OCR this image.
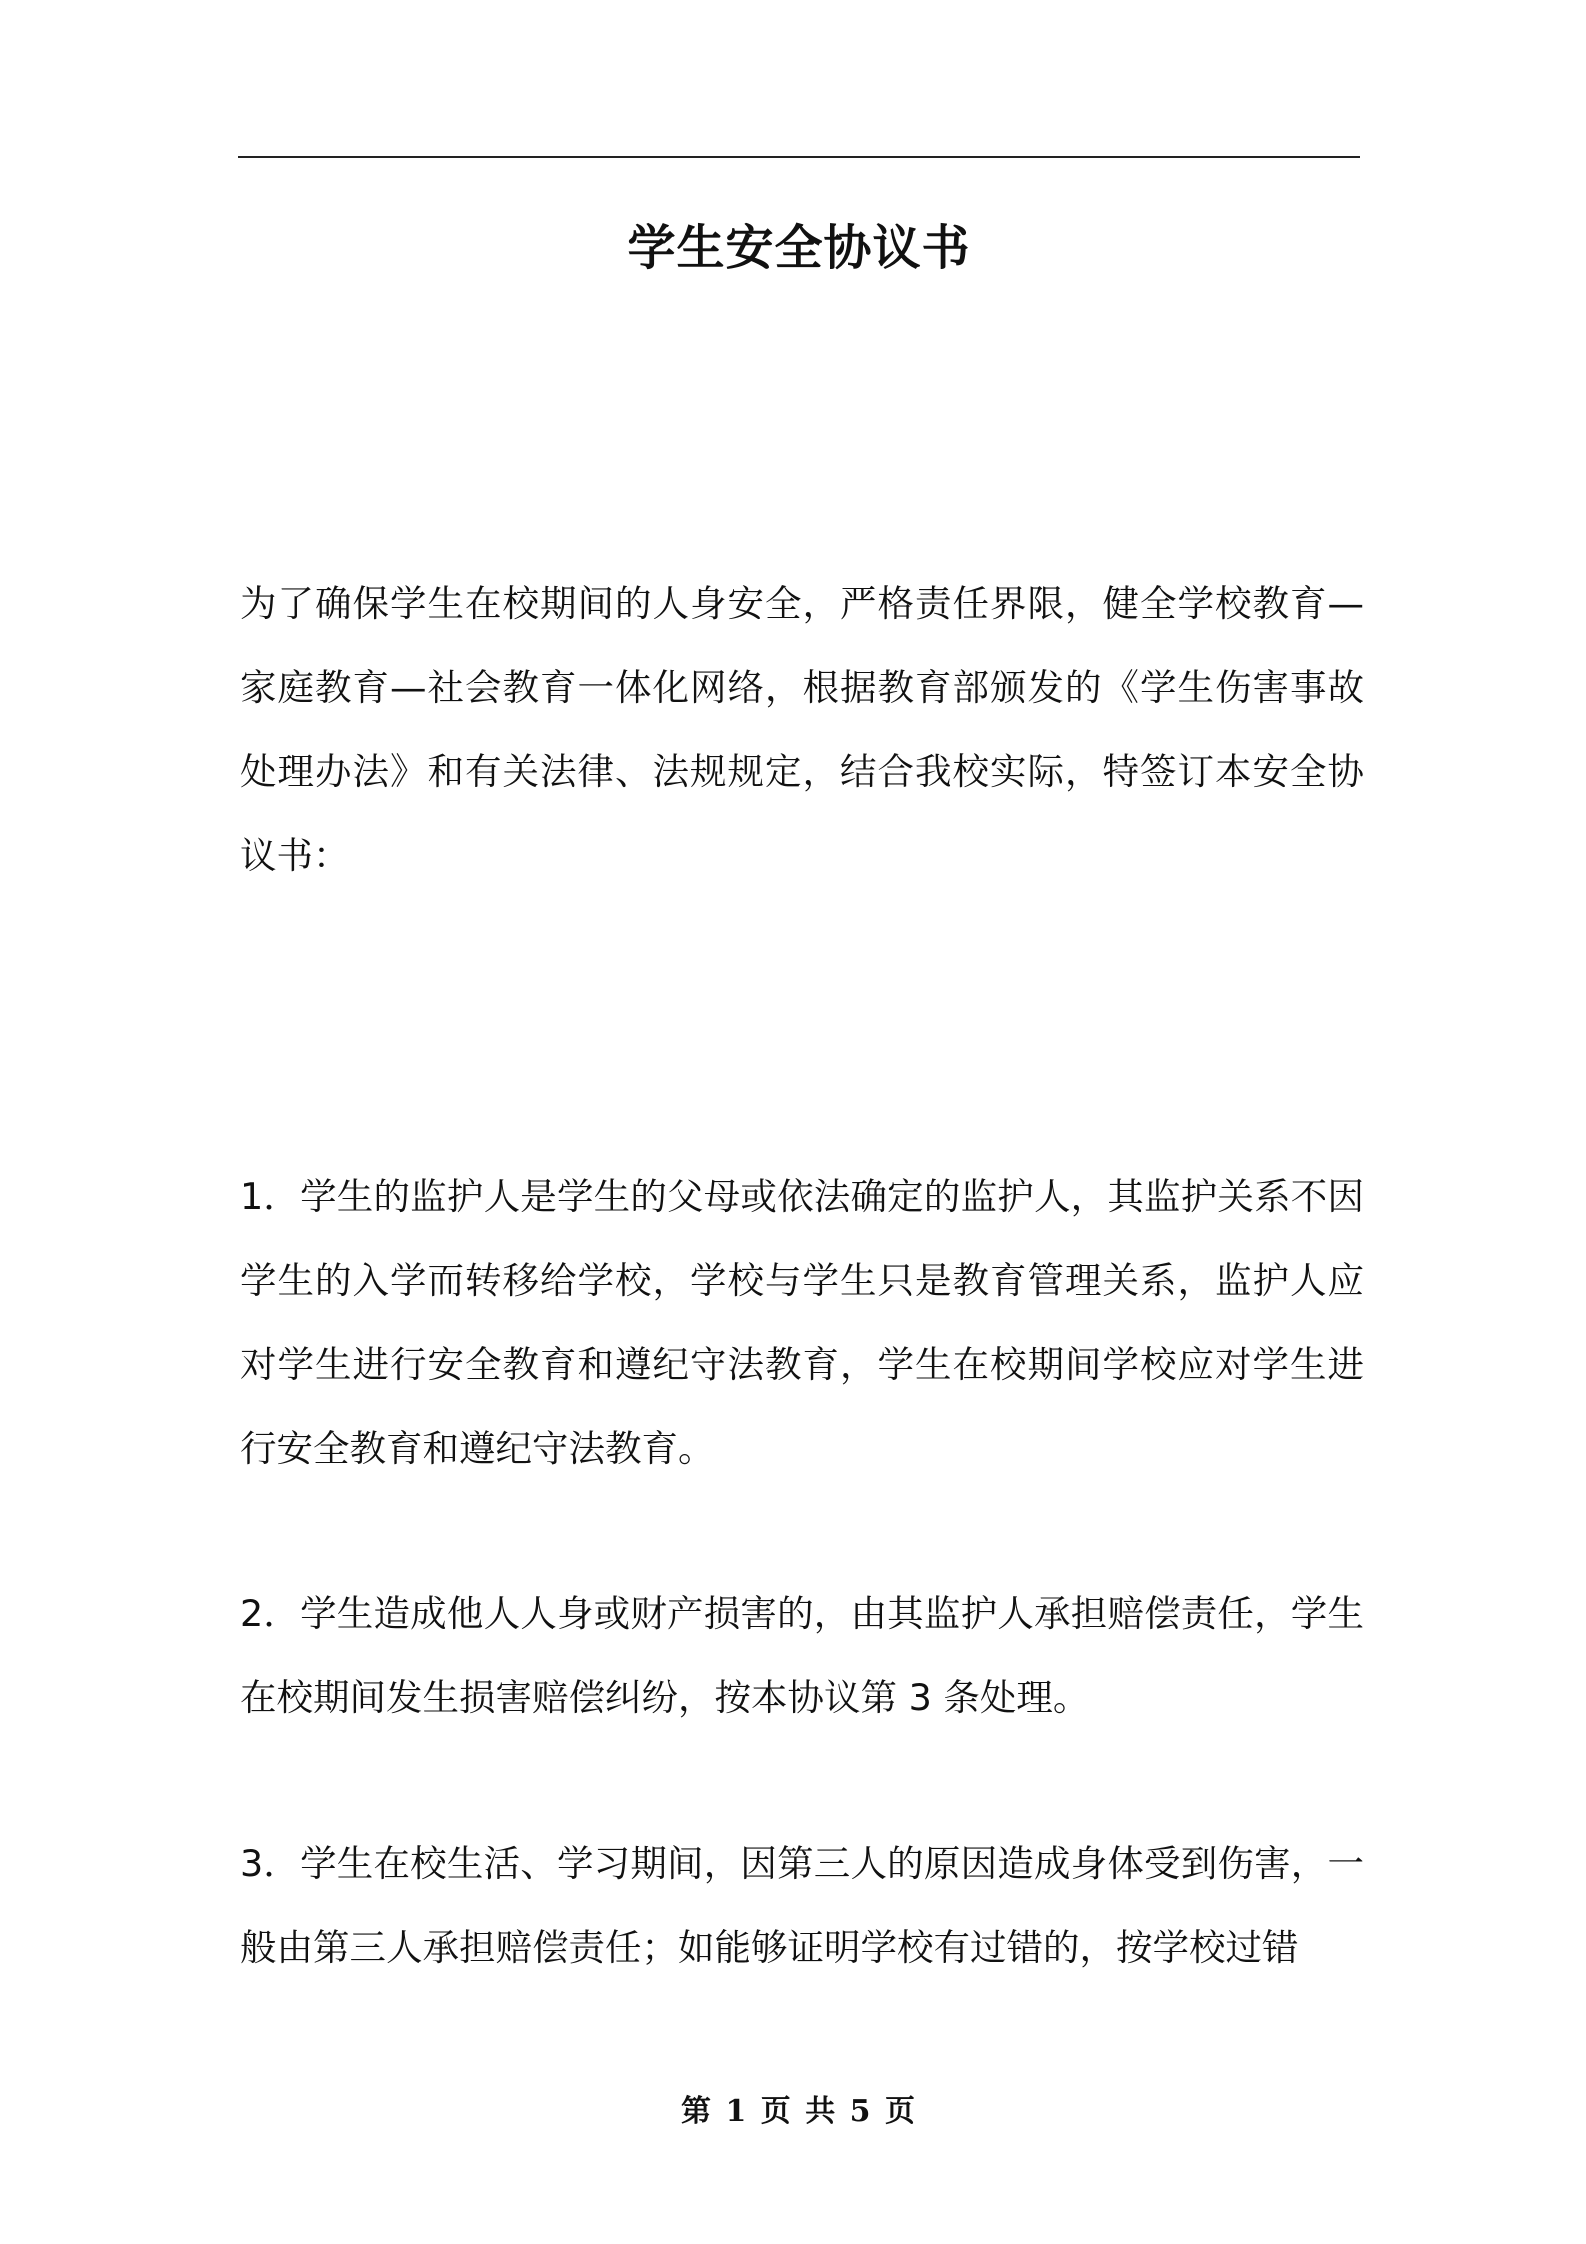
学生安全协议书

为了确保学生在校期间的人身安全，严格责任界限，健全学校教育—家庭教育—社会教育一体化网络，根据教育部颁发的《学生伤害事故处理办法》和有关法律、法规规定，结合我校实际，特签订本安全协议书：

1．学生的监护人是学生的父母或依法确定的监护人，其监护关系不因学生的入学而转移给学校，学校与学生只是教育管理关系，监护人应对学生进行安全教育和遵纪守法教育，学生在校期间学校应对学生进行安全教育和遵纪守法教育。

2．学生造成他人人身或财产损害的，由其监护人承担赔偿责任，学生在校期间发生损害赔偿纠纷，按本协议第 3 条处理。

3．学生在校生活、学习期间，因第三人的原因造成身体受到伤害，一般由第三人承担赔偿责任；如能够证明学校有过错的，按学校过错

第 1 页 共 5 页
